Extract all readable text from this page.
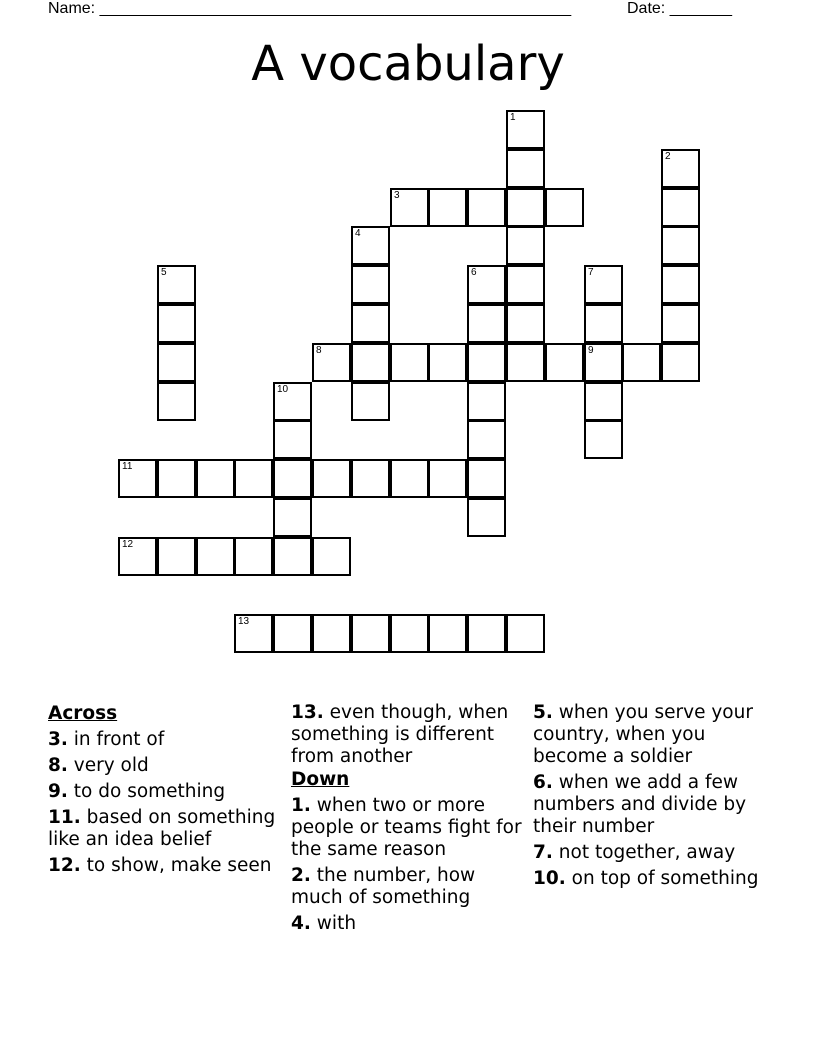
Name: _____________________________________________________	Date: _______
A vocabulary
1
2
3
4
5	6	7
8	9
10
11
12
13
Across
3. in front of
8. very old
9. to do something
11. based on something like an idea belief
12. to show, make seen
13. even though, when something is different from another
Down
1. when two or more people or teams fight for the same reason
2. the number, how much of something
4. with
5. when you serve your country, when you become a soldier
6. when we add a few numbers and divide by their number
7. not together, away
10. on top of something
